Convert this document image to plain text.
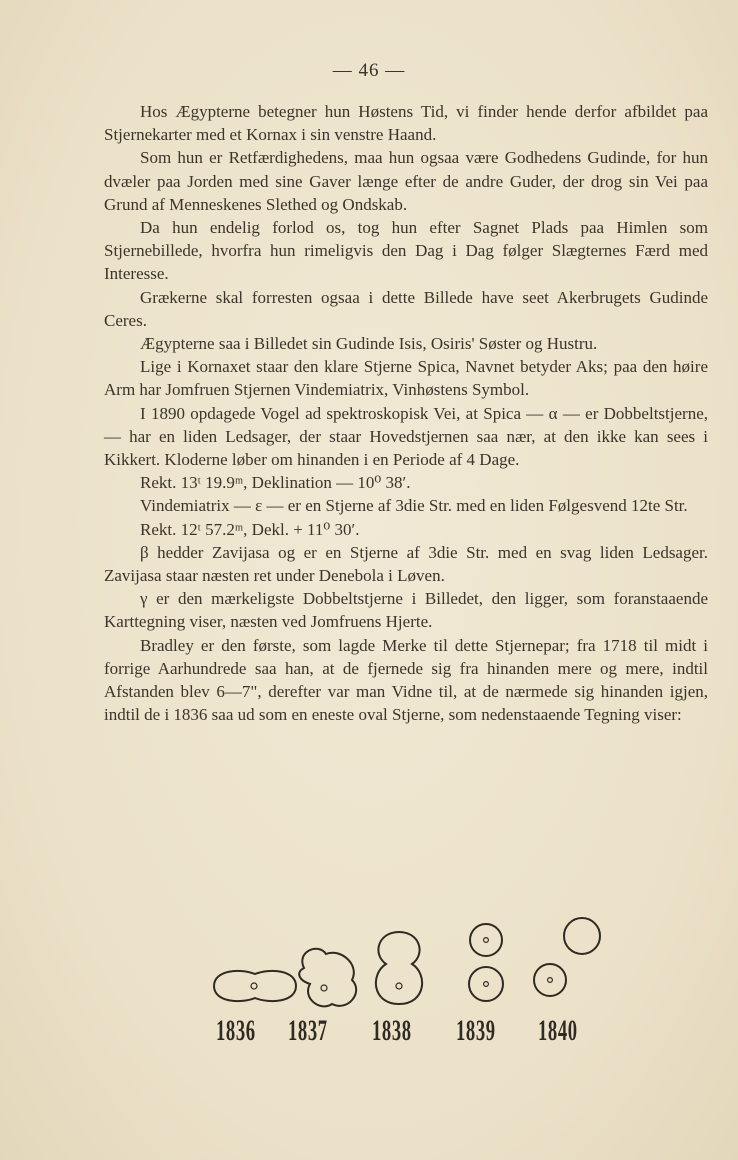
— 46 —

Hos Ægypterne betegner hun Høstens Tid, vi finder hende derfor afbildet paa Stjernekarter med et Kornax i sin venstre Haand.

Som hun er Retfærdighedens, maa hun ogsaa være Godhedens Gudinde, for hun dvæler paa Jorden med sine Gaver længe efter de andre Guder, der drog sin Vei paa Grund af Menneskenes Slethed og Ondskab.

Da hun endelig forlod os, tog hun efter Sagnet Plads paa Himlen som Stjernebillede, hvorfra hun rimeligvis den Dag i Dag følger Slægternes Færd med Interesse.

Grækerne skal forresten ogsaa i dette Billede have seet Akerbrugets Gudinde Ceres.

Ægypterne saa i Billedet sin Gudinde Isis, Osiris' Søster og Hustru.

Lige i Kornaxet staar den klare Stjerne Spica, Navnet betyder Aks; paa den høire Arm har Jomfruen Stjernen Vindemiatrix, Vinhøstens Symbol.

I 1890 opdagede Vogel ad spektroskopisk Vei, at Spica — α — er Dobbeltstjerne, — har en liden Ledsager, der staar Hovedstjernen saa nær, at den ikke kan sees i Kikkert. Kloderne løber om hinanden i en Periode af 4 Dage.

Rekt. 13ᵗ 19.9ᵐ, Deklination — 10⁰ 38′.

Vindemiatrix — ε — er en Stjerne af 3die Str. med en liden Følgesvend 12te Str.

Rekt. 12ᵗ 57.2ᵐ, Dekl. + 11⁰ 30′.

β hedder Zavijasa og er en Stjerne af 3die Str. med en svag liden Ledsager. Zavijasa staar næsten ret under Denebola i Løven.

γ er den mærkeligste Dobbeltstjerne i Billedet, den ligger, som foranstaaende Karttegning viser, næsten ved Jomfruens Hjerte.

Bradley er den første, som lagde Merke til dette Stjernepar; fra 1718 til midt i forrige Aarhundrede saa han, at de fjernede sig fra hinanden mere og mere, indtil Afstanden blev 6—7", derefter var man Vidne til, at de nærmede sig hinanden igjen, indtil de i 1836 saa ud som en eneste oval Stjerne, som nedenstaaende Tegning viser:

1836 1837 1838 1839 1840
